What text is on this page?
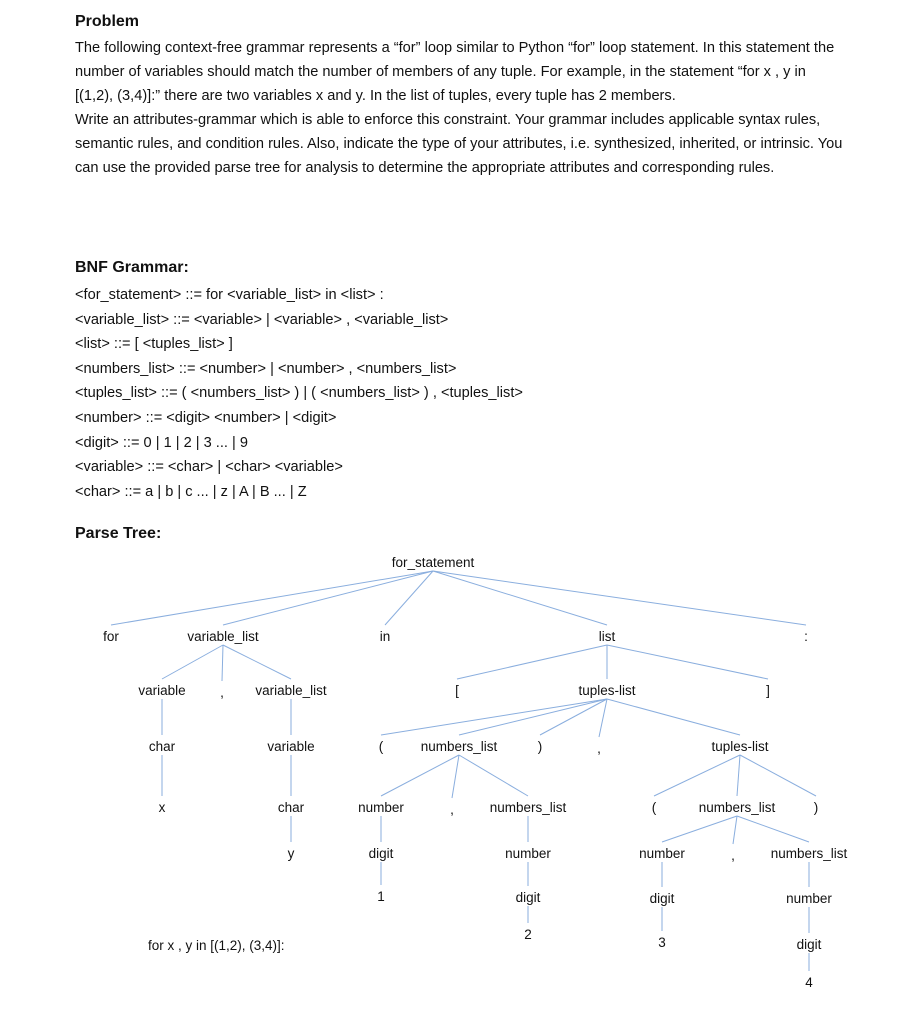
Problem

The following context-free grammar represents a “for” loop similar to Python “for” loop statement. In this statement the number of variables should match the number of members of any tuple. For example, in the statement “for x , y in [(1,2), (3,4)]:” there are two variables x and y. In the list of tuples, every tuple has 2 members.

Write an attributes-grammar which is able to enforce this constraint. Your grammar includes applicable syntax rules, semantic rules, and condition rules. Also, indicate the type of your attributes, i.e. synthesized, inherited, or intrinsic. You can use the provided parse tree for analysis to determine the appropriate attributes and corresponding rules.

BNF Grammar:
<for_statement> ::= for <variable_list> in <list> :
<variable_list> ::= <variable> | <variable> , <variable_list>
<list> ::= [ <tuples_list> ]
<numbers_list> ::= <number> | <number> , <numbers_list>
<tuples_list> ::= ( <numbers_list> ) | ( <numbers_list> ) , <tuples_list>
<number> ::= <digit> <number> | <digit>
<digit> ::= 0 | 1 | 2 | 3 ... | 9
<variable> ::= <char> | <char> <variable>
<char> ::= a | b | c ... | z | A | B ... | Z
Parse Tree:
for_statement
for	variable_list	in	list	:
variable	, variable_list	[	tuples-list	]
char	variable	(	numbers_list	)	,	tuples-list
x	char	number	,	numbers_list	(	numbers_list	)
y	digit	number	number	,	numbers_list
1	digit	digit	number
2
3	digit
4
for x , y in [(1,2), (3,4)]:
